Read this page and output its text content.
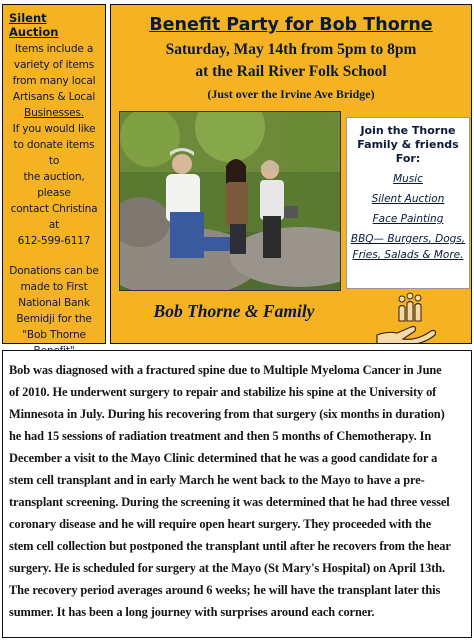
Silent Auction
Items include a
variety of items
from many local
Artisans & Local
Businesses.
If you would like
to donate items to
the auction, please
contact Christina at
612-599-6117
Donations can be
made to First
National Bank
Bemidji for the
"Bob Thorne
Benefit Party for Bob Thorne
Saturday, May 14th from 5pm to 8pm
at the Rail River Folk School
(Just over the Irvine Ave Bridge)
Bob Thorne & Family
Join the Thorne
Family & friends For:
Music
Silent Auction
Face Painting
BBQ— Burgers, Dogs,
Fries, Salads & More.

Bob was diagnosed with a fractured spine due to Multiple Myeloma Cancer in June

of 2010. He underwent surgery to repair and stabilize his spine at the University of

Minnesota in July. During his recovering from that surgery (six months in duration)

he had 15 sessions of radiation treatment and then 5 months of Chemotherapy. In

December a visit to the Mayo Clinic determined that he was a good candidate for a

stem cell transplant and in early March he went back to the Mayo to have a pre-

transplant screening. During the screening it was determined that he had three vessel

coronary disease and he will require open heart surgery. They proceeded with the

stem cell collection but postponed the transplant until after he recovers from the hear

surgery. He is scheduled for surgery at the Mayo (St Mary's Hospital) on April 13th.

The recovery period averages around 6 weeks; he will have the transplant later this

summer. It has been a long journey with surprises around each corner.
